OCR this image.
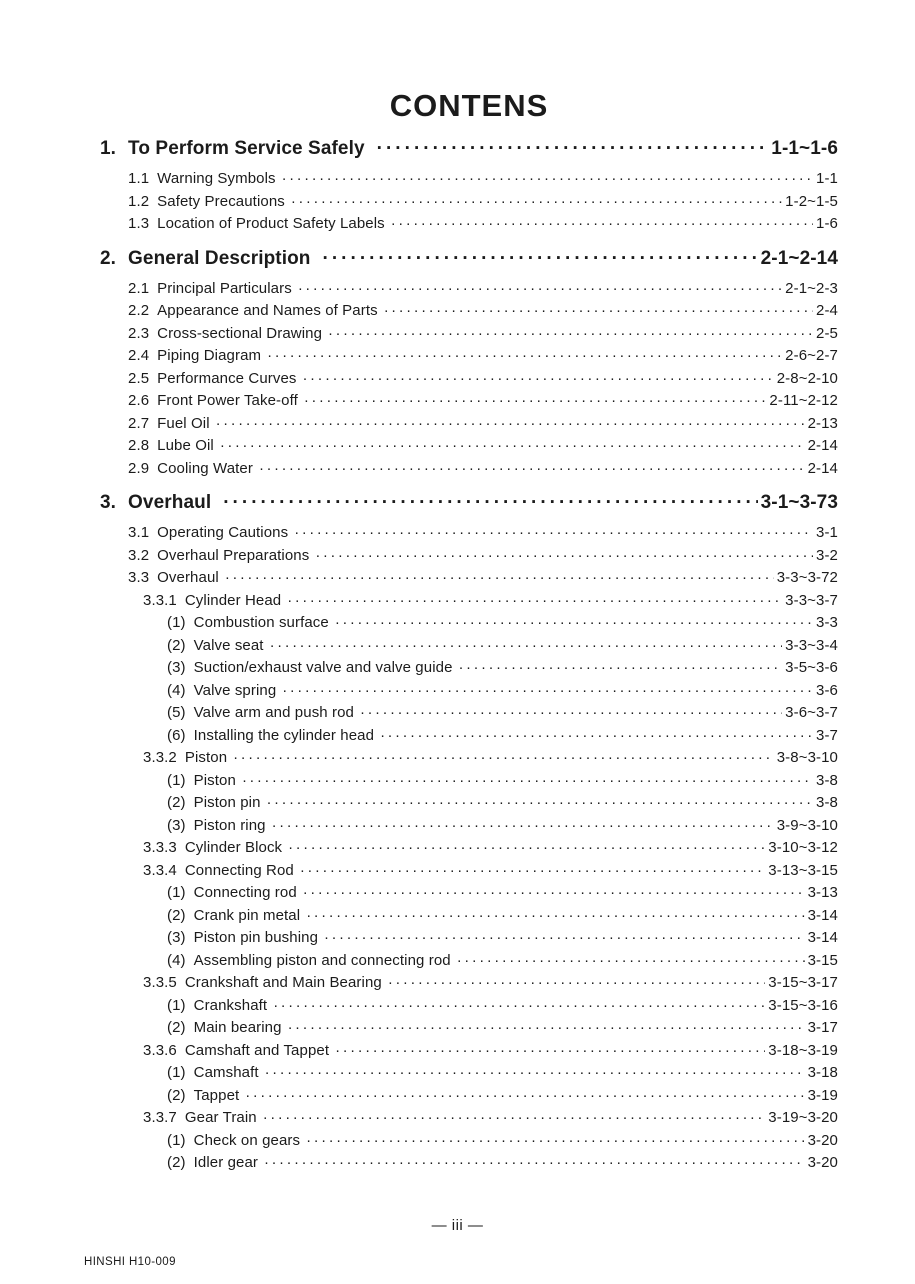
CONTENS
1. To Perform Service Safely ·····	1-1~1-6
1.1 Warning Symbols ·····	1-1
1.2 Safety Precautions ·····	1-2~1-5
1.3 Location of Product Safety Labels ·····	1-6
2. General Description ·····	2-1~2-14
2.1 Principal Particulars ·····	2-1~2-3
2.2 Appearance and Names of Parts ·····	2-4
2.3 Cross-sectional Drawing ·····	2-5
2.4 Piping Diagram ·····	2-6~2-7
2.5 Performance Curves ·····	2-8~2-10
2.6 Front Power Take-off ·····	2-11~2-12
2.7 Fuel Oil ·····	2-13
2.8 Lube Oil ·····	2-14
2.9 Cooling Water ·····	2-14
3. Overhaul ·····	3-1~3-73
3.1 Operating Cautions ·····	3-1
3.2 Overhaul Preparations ·····	3-2
3.3 Overhaul ·····	3-3~3-72
3.3.1 Cylinder Head ·····	3-3~3-7
(1) Combustion surface ·····	3-3
(2) Valve seat ·····	3-3~3-4
(3) Suction/exhaust valve and valve guide ·····	3-5~3-6
(4) Valve spring ·····	3-6
(5) Valve arm and push rod ·····	3-6~3-7
(6) Installing the cylinder head ·····	3-7
3.3.2 Piston ·····	3-8~3-10
(1) Piston ·····	3-8
(2) Piston pin ·····	3-8
(3) Piston ring ·····	3-9~3-10
3.3.3 Cylinder Block ·····	3-10~3-12
3.3.4 Connecting Rod ·····	3-13~3-15
(1) Connecting rod ·····	3-13
(2) Crank pin metal ·····	3-14
(3) Piston pin bushing ·····	3-14
(4) Assembling piston and connecting rod ·····	3-15
3.3.5 Crankshaft and Main Bearing ·····	3-15~3-17
(1) Crankshaft ·····	3-15~3-16
(2) Main bearing ·····	3-17
3.3.6 Camshaft and Tappet ·····	3-18~3-19
(1) Camshaft ·····	3-18
(2) Tappet ·····	3-19
3.3.7 Gear Train ·····	3-19~3-20
(1) Check on gears ·····	3-20
(2) Idler gear ·····	3-20
— iii —
HINSHI H10-009
